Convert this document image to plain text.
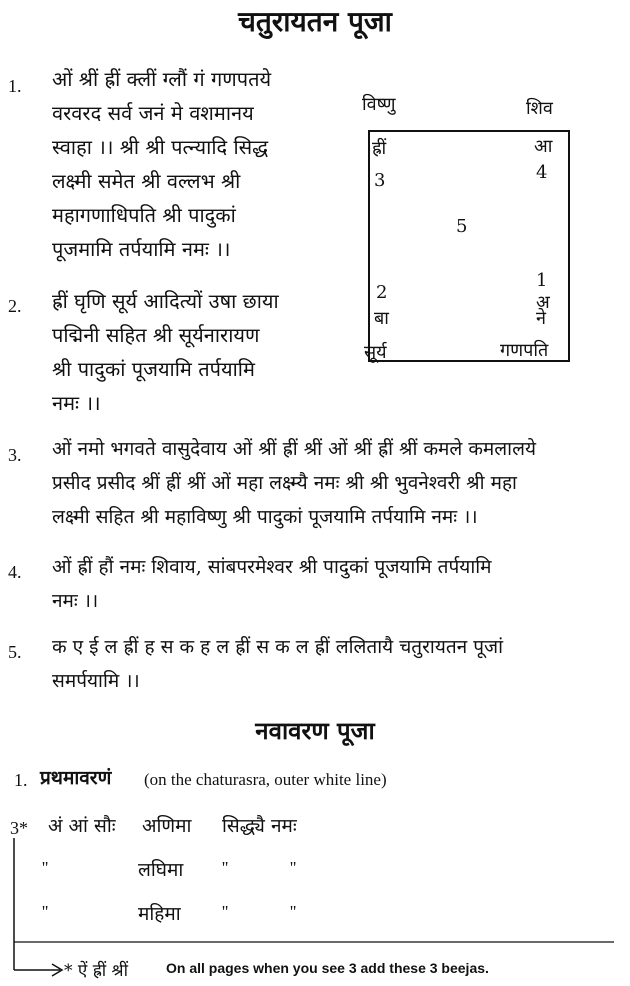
चतुरायतन पूजा
1. ओं श्रीं ह्रीं क्लीं ग्लौं गं गणपतये
वरवरद सर्व जनं मे वशमानय
स्वाहा ।। श्री श्री पत्न्यादि सिद्ध
लक्ष्मी समेत श्री वल्लभ श्री
महागणाधिपति श्री पादुकां
पूजमामि तर्पयामि नमः ।।
2. ह्रीं घृणि सूर्य आदित्यों उषा छाया
पद्मिनी सहित श्री सूर्यनारायण
श्री पादुकां पूजयामि तर्पयामि
नमः ।।
विष्णु	शिव
ह्रीं
3
आ
4
5
2
बा
1
अ
ने
सूर्य	गणपति
3. ओं नमो भगवते वासुदेवाय ओं श्रीं ह्रीं श्रीं ओं श्रीं ह्रीं श्रीं कमले कमलालये
प्रसीद प्रसीद श्रीं ह्रीं श्रीं ओं महा लक्ष्म्यै नमः श्री श्री भुवनेश्वरी श्री महा
लक्ष्मी सहित श्री महाविष्णु श्री पादुकां पूजयामि तर्पयामि नमः ।।
4. ओं ह्रीं हौं नमः शिवाय, सांबपरमेश्वर श्री पादुकां पूजयामि तर्पयामि
नमः ।।
5. क ए ई ल ह्रीं ह स क ह ल ह्रीं स क ल ह्रीं ललितायै चतुरायतन पूजां
समर्पयामि ।।
नवावरण पूजा
1. प्रथमावरणं (on the chaturasra, outer white line)
3* अं आं सौः अणिमा सिद्ध्यै नमः
''	लघिमा ''	''
''	महिमा ''	''
* ऐं ह्रीं श्रीं	On all pages when you see 3 add these 3 beejas.
